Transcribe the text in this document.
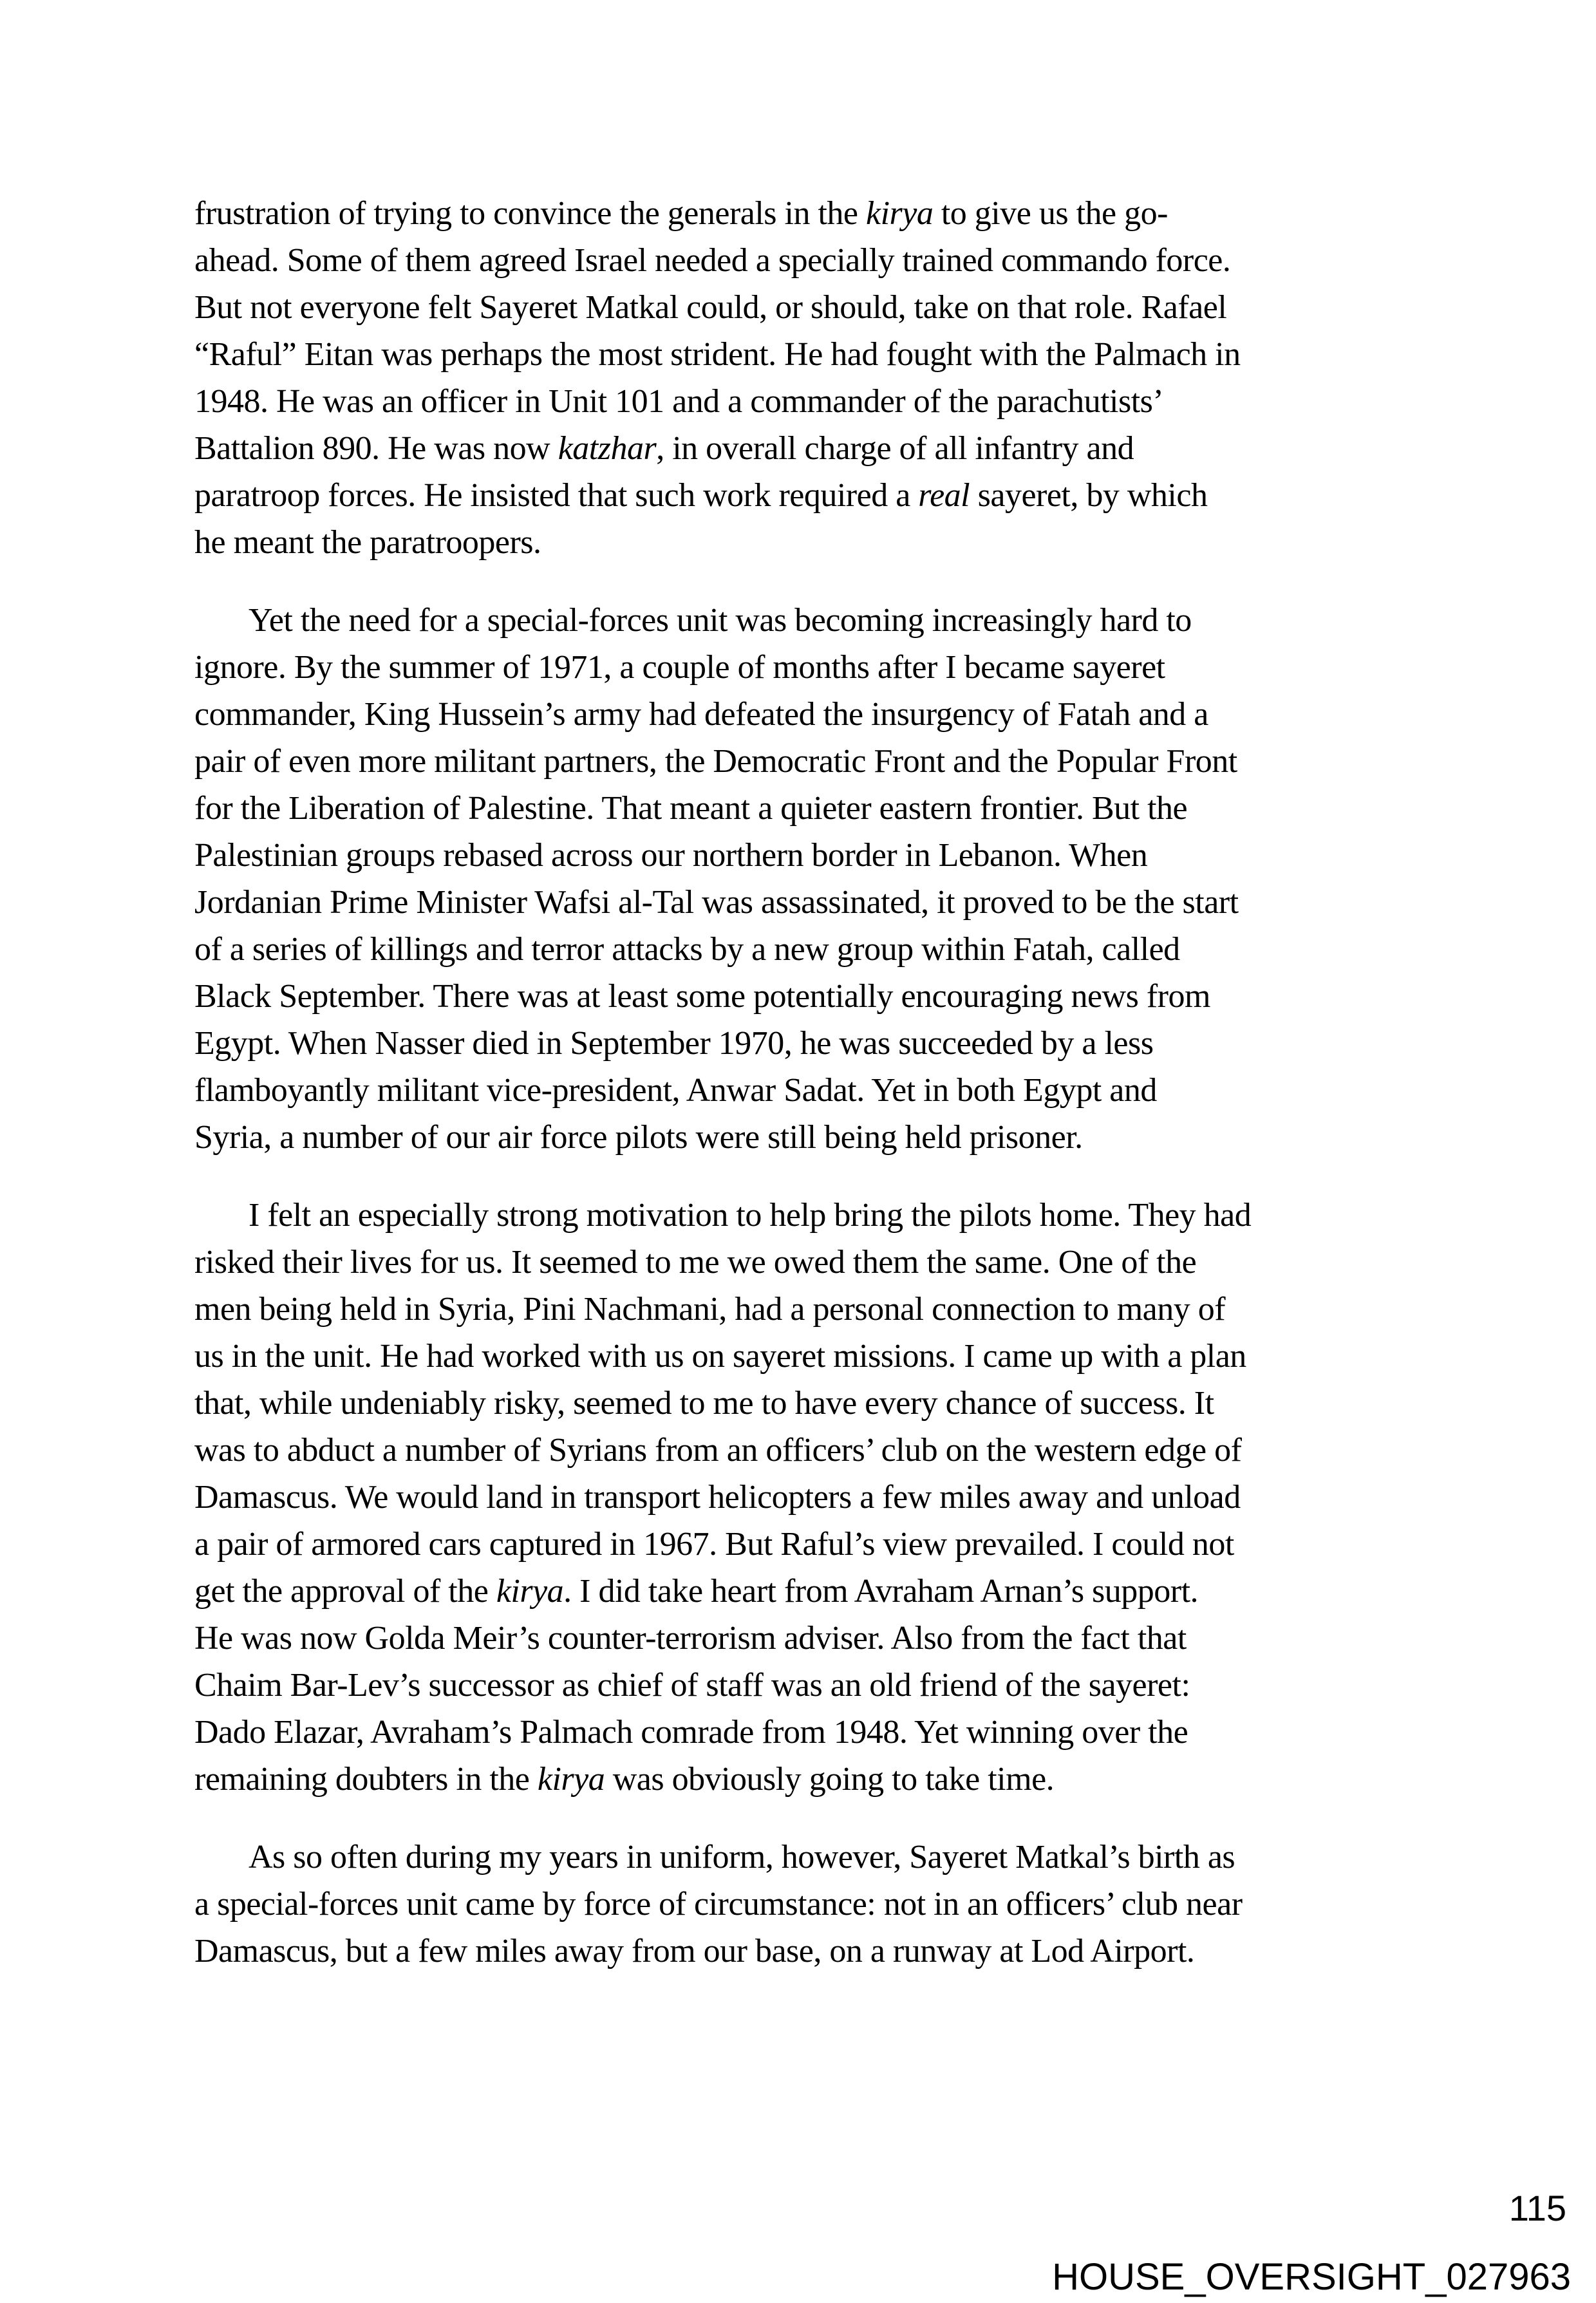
frustration of trying to convince the generals in the kirya to give us the go-
ahead. Some of them agreed Israel needed a specially trained commando force.
But not everyone felt Sayeret Matkal could, or should, take on that role. Rafael
“Raful” Eitan was perhaps the most strident. He had fought with the Palmach in
1948. He was an officer in Unit 101 and a commander of the parachutists’
Battalion 890. He was now katzhar, in overall charge of all infantry and
paratroop forces. He insisted that such work required a real sayeret, by which
he meant the paratroopers.

Yet the need for a special-forces unit was becoming increasingly hard to
ignore. By the summer of 1971, a couple of months after I became sayeret
commander, King Hussein’s army had defeated the insurgency of Fatah and a
pair of even more militant partners, the Democratic Front and the Popular Front
for the Liberation of Palestine. That meant a quieter eastern frontier. But the
Palestinian groups rebased across our northern border in Lebanon. When
Jordanian Prime Minister Wafsi al-Tal was assassinated, it proved to be the start
of a series of killings and terror attacks by a new group within Fatah, called
Black September. There was at least some potentially encouraging news from
Egypt. When Nasser died in September 1970, he was succeeded by a less
flamboyantly militant vice-president, Anwar Sadat. Yet in both Egypt and
Syria, a number of our air force pilots were still being held prisoner.

I felt an especially strong motivation to help bring the pilots home. They had
risked their lives for us. It seemed to me we owed them the same. One of the
men being held in Syria, Pini Nachmani, had a personal connection to many of
us in the unit. He had worked with us on sayeret missions. I came up with a plan
that, while undeniably risky, seemed to me to have every chance of success. It
was to abduct a number of Syrians from an officers’ club on the western edge of
Damascus. We would land in transport helicopters a few miles away and unload
a pair of armored cars captured in 1967. But Raful’s view prevailed. I could not
get the approval of the kirya. I did take heart from Avraham Arnan’s support.
He was now Golda Meir’s counter-terrorism adviser. Also from the fact that
Chaim Bar-Lev’s successor as chief of staff was an old friend of the sayeret:
Dado Elazar, Avraham’s Palmach comrade from 1948. Yet winning over the
remaining doubters in the kirya was obviously going to take time.

As so often during my years in uniform, however, Sayeret Matkal’s birth as
a special-forces unit came by force of circumstance: not in an officers’ club near
Damascus, but a few miles away from our base, on a runway at Lod Airport.

115
HOUSE_OVERSIGHT_027963
